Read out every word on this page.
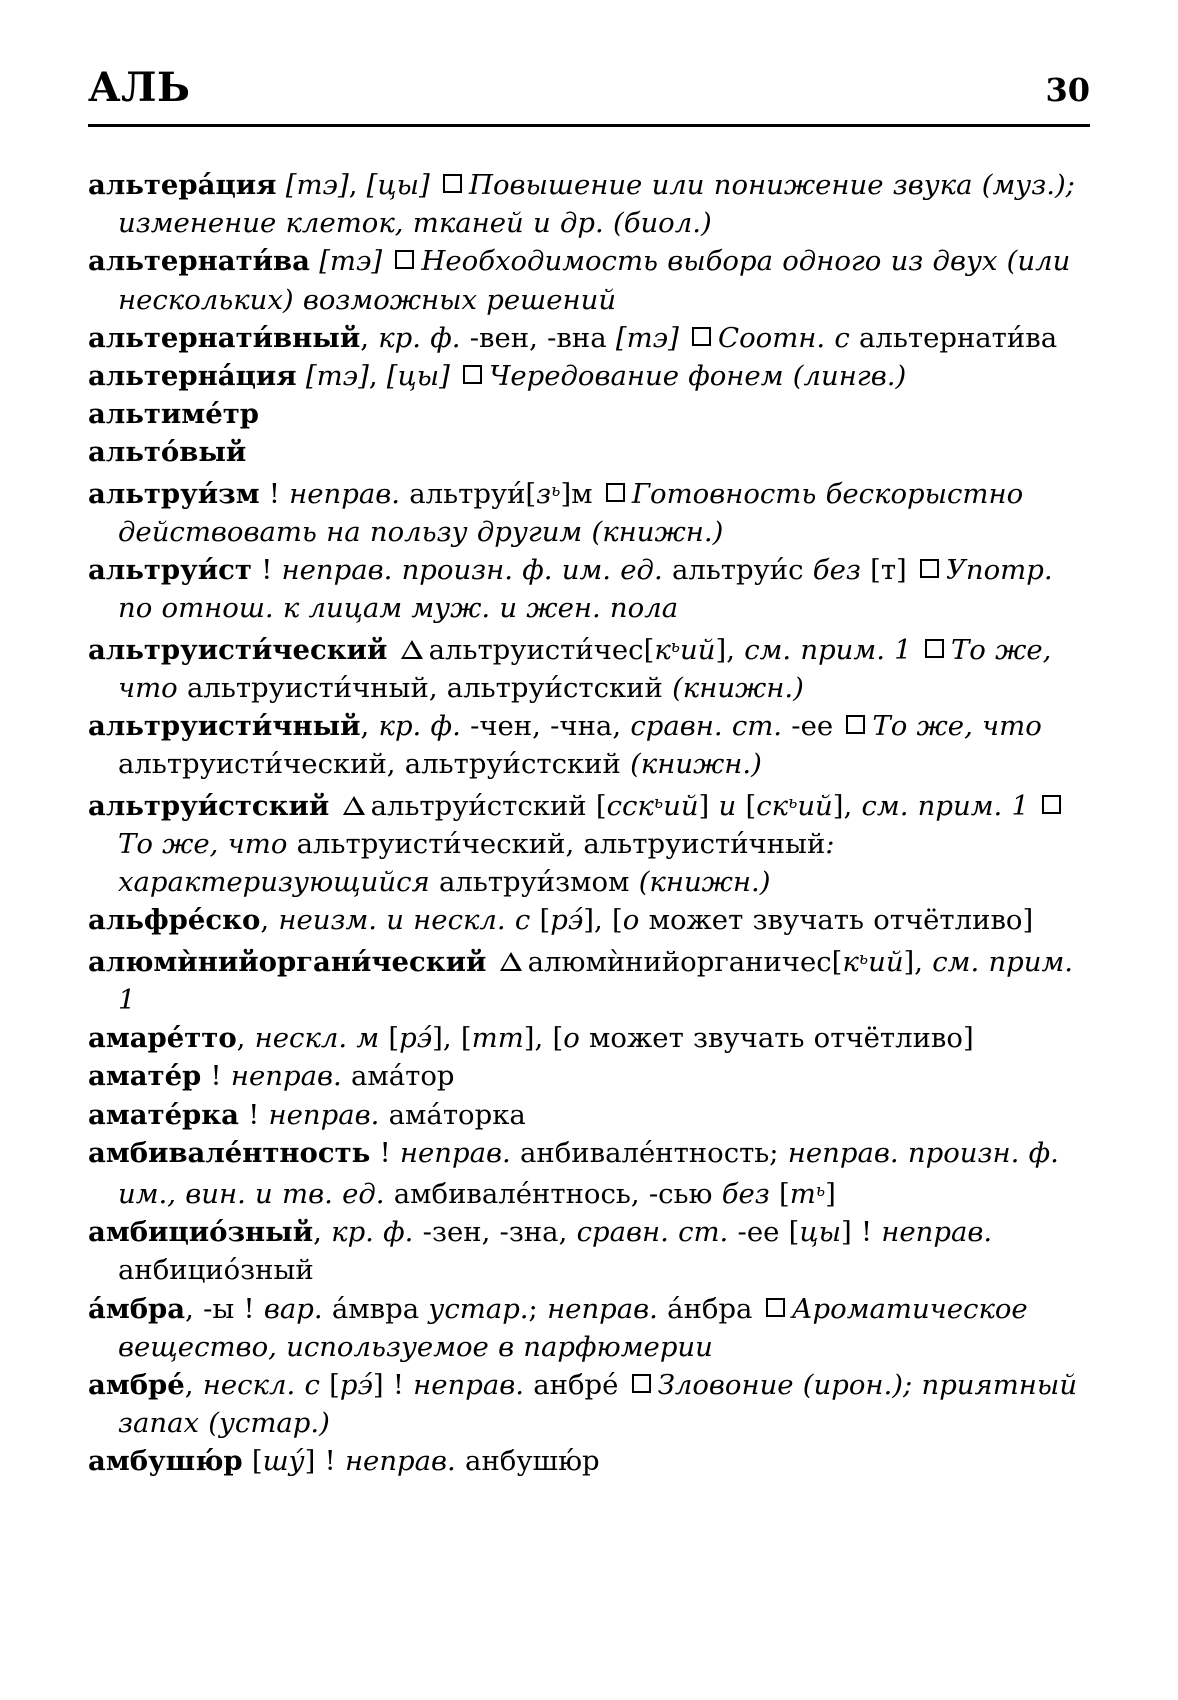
АЛЬ	30

альтера́ция [тэ], [цы] Повышение или понижение звука (муз.); изменение клеток, тканей и др. (биол.)

альтернати́ва [тэ] Необходимость выбора одного из двух (или нескольких) возможных решений

альтернати́вный, кр. ф. -вен, -вна [тэ] Соотн. с альтернати́ва

альтерна́ция [тэ], [цы] Чередование фонем (лингв.)

альтиме́тр

альто́вый

альтруи́зм ! неправ. $альтруи́[з^ь]м$ Готовность бескорыстно действовать на пользу другим (книжн.)

альтруи́ст ! неправ. произн. ф. им. ед. альтруи́с без [т] Употр. по отнош. к лицам муж. и жен. пола

альтруисти́ческий $альтруисти́чес[к^ьий]$, см. прим. 1 То же, что альтруисти́чный, альтруи́стский (книжн.)

альтруисти́чный, кр. ф. -чен, -чна, сравн. ст. -ее То же, что альтруисти́ческий, альтруи́стский (книжн.)

альтруи́стский альтруи́стский [сск$^ь$ий] и $[ск^ьий]$, см. прим. 1 То же, что альтруисти́ческий, альтруисти́чный: характеризующийся альтруи́змом (книжн.)

альфре́ско, неизм. и нескл. с [рэ́], [о может звучать отчётливо]

алюмѝнийоргани́ческий $алюмѝнийорганичес[к^ьий]$, см. прим. 1

амаре́тто, нескл. м [рэ́], [тт], [о может звучать отчётливо]

амате́р ! неправ. ама́тор

амате́рка ! неправ. ама́торка

амбивале́нтность ! неправ. анбивале́нтность; неправ. произн. ф. им., вин. и тв. ед. амбивале́нтнось, -сью без $[т^ь]$

амбицио́зный, кр. ф. -зен, -зна, сравн. ст. -ее [цы] ! неправ. анбицио́зный

а́мбра, -ы ! вар. а́мвра устар.; неправ. а́нбра Ароматическое вещество, используемое в парфюмерии

амбре́, нескл. с [рэ́] ! неправ. анбре́ Зловоние (ирон.); приятный запах (устар.)

амбушю́р [шу́] ! неправ. анбушю́р
